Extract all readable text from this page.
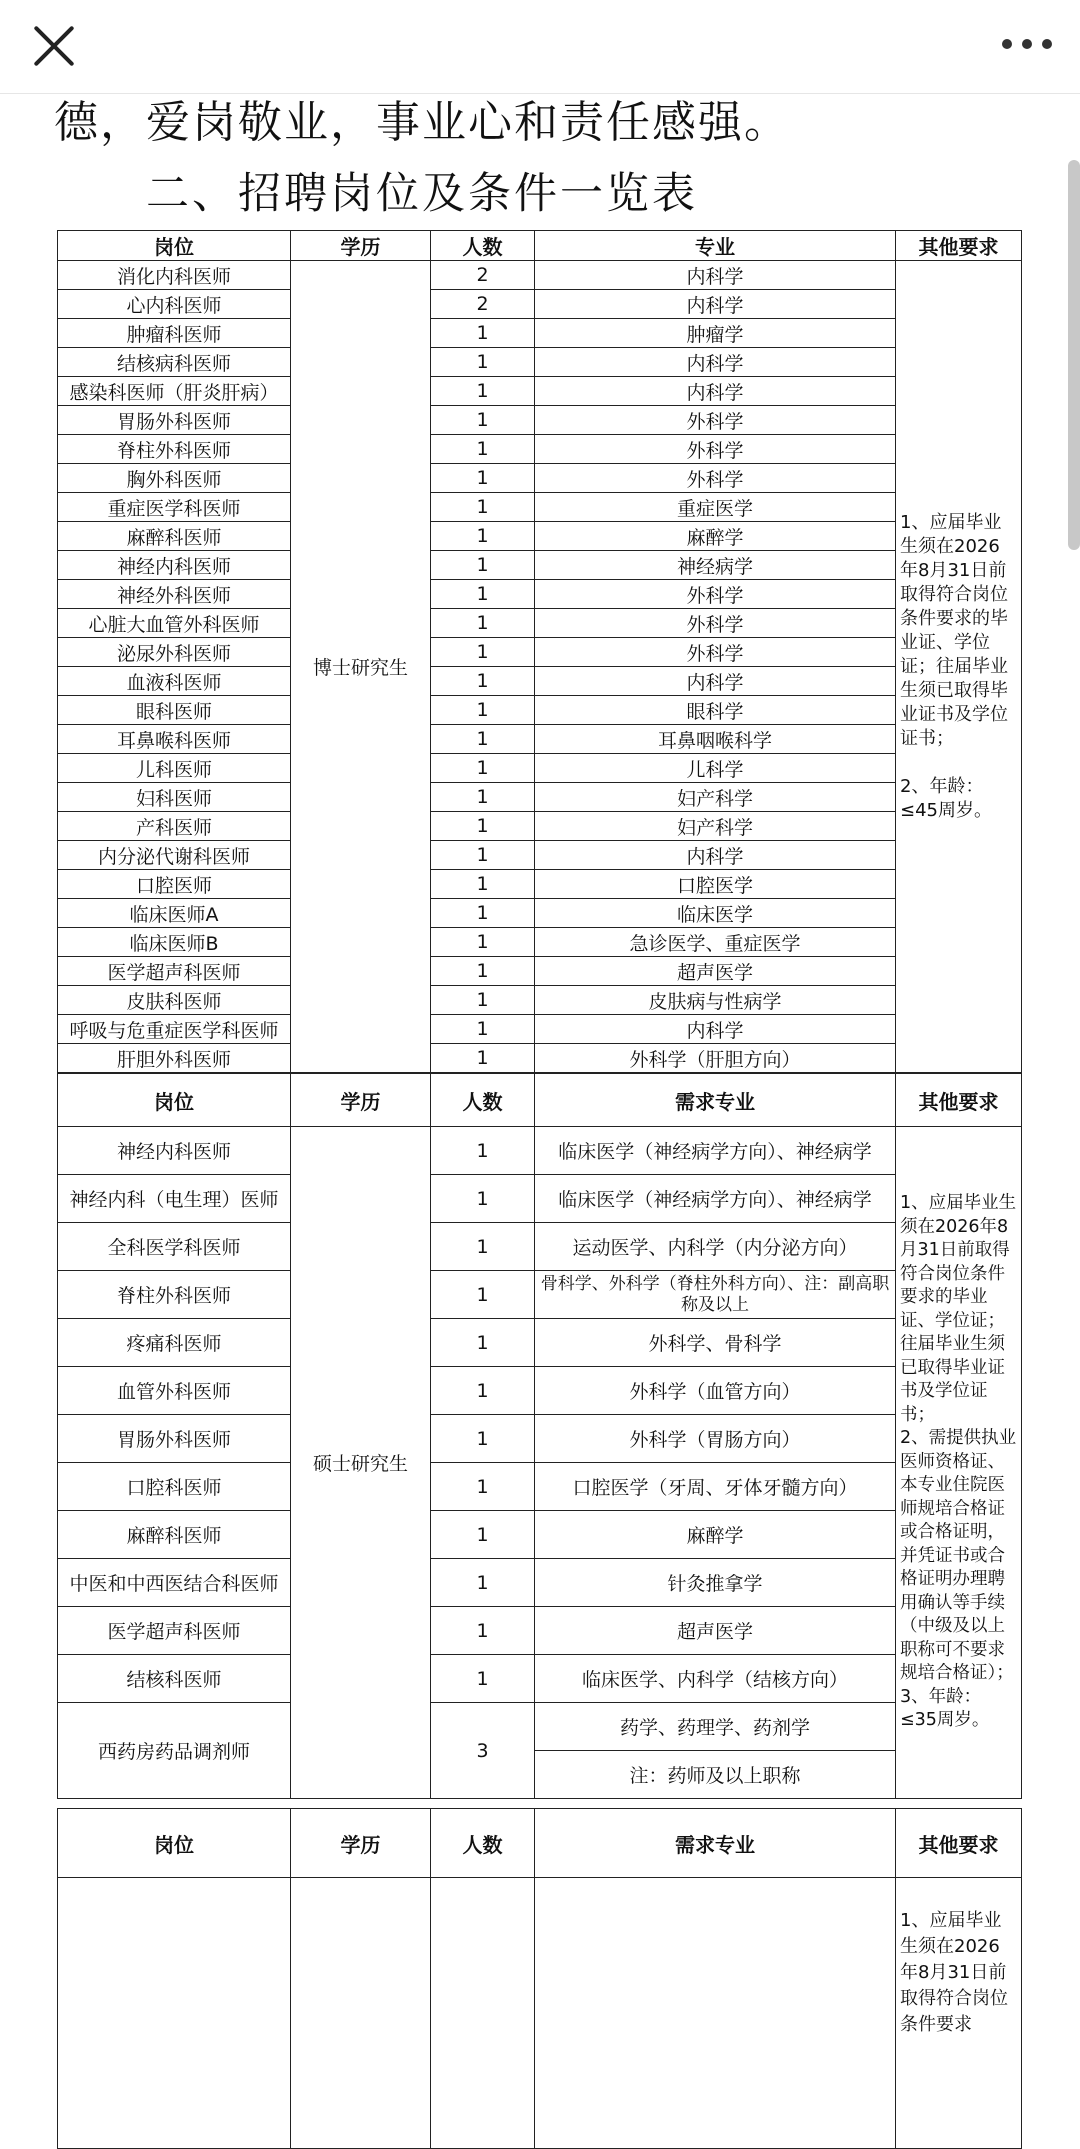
德，爱岗敬业，事业心和责任感强。
二、招聘岗位及条件一览表
岗位	学历	人数	专业	其他要求
消化内科医师	博士研究生	2	内科学	1、应届毕业生须在2026年8月31日前取得符合岗位条件要求的毕业证、学位证；往届毕业生须已取得毕业证书及学位证书；

2、年龄：≤45周岁。
心内科医师		2	内科学	
肿瘤科医师		1	肿瘤学	
结核病科医师		1	内科学	
感染科医师（肝炎肝病）		1	内科学	
胃肠外科医师		1	外科学	
脊柱外科医师		1	外科学	
胸外科医师		1	外科学	
重症医学科医师		1	重症医学	
麻醉科医师		1	麻醉学	
神经内科医师		1	神经病学	
神经外科医师		1	外科学	
心脏大血管外科医师		1	外科学	
泌尿外科医师		1	外科学	
血液科医师		1	内科学	
眼科医师		1	眼科学	
耳鼻喉科医师		1	耳鼻咽喉科学	
儿科医师		1	儿科学	
妇科医师		1	妇产科学	
产科医师		1	妇产科学	
内分泌代谢科医师		1	内科学	
口腔医师		1	口腔医学	
临床医师A		1	临床医学	
临床医师B		1	急诊医学、重症医学	
医学超声科医师		1	超声医学	
皮肤科医师		1	皮肤病与性病学	
呼吸与危重症医学科医师		1	内科学	
肝胆外科医师		1	外科学（肝胆方向）	
岗位	学历	人数	需求专业	其他要求
神经内科医师	硕士研究生	1	临床医学（神经病学方向）、神经病学	1、应届毕业生须在2026年8月31日前取得符合岗位条件要求的毕业证、学位证；往届毕业生须已取得毕业证书及学位证书；
2、需提供执业医师资格证、本专业住院医师规培合格证或合格证明，并凭证书或合格证明办理聘用确认等手续（中级及以上职称可不要求规培合格证）；
3、年龄：≤35周岁。
神经内科（电生理）医师		1	临床医学（神经病学方向）、神经病学	
全科医学科医师		1	运动医学、内科学（内分泌方向）	
脊柱外科医师		1	骨科学、外科学（脊柱外科方向）、注：副高职称及以上	
疼痛科医师		1	外科学、骨科学	
血管外科医师		1	外科学（血管方向）	
胃肠外科医师		1	外科学（胃肠方向）	
口腔科医师		1	口腔医学（牙周、牙体牙髓方向）	
麻醉科医师		1	麻醉学	
中医和中西医结合科医师		1	针灸推拿学	
医学超声科医师		1	超声医学	
结核科医师		1	临床医学、内科学（结核方向）	
西药房药品调剂师		3	药学、药理学、药剂学	
			注：药师及以上职称	
岗位	学历	人数	需求专业	其他要求
				1、应届毕业生须在2026年8月31日前取得符合岗位条件要求
